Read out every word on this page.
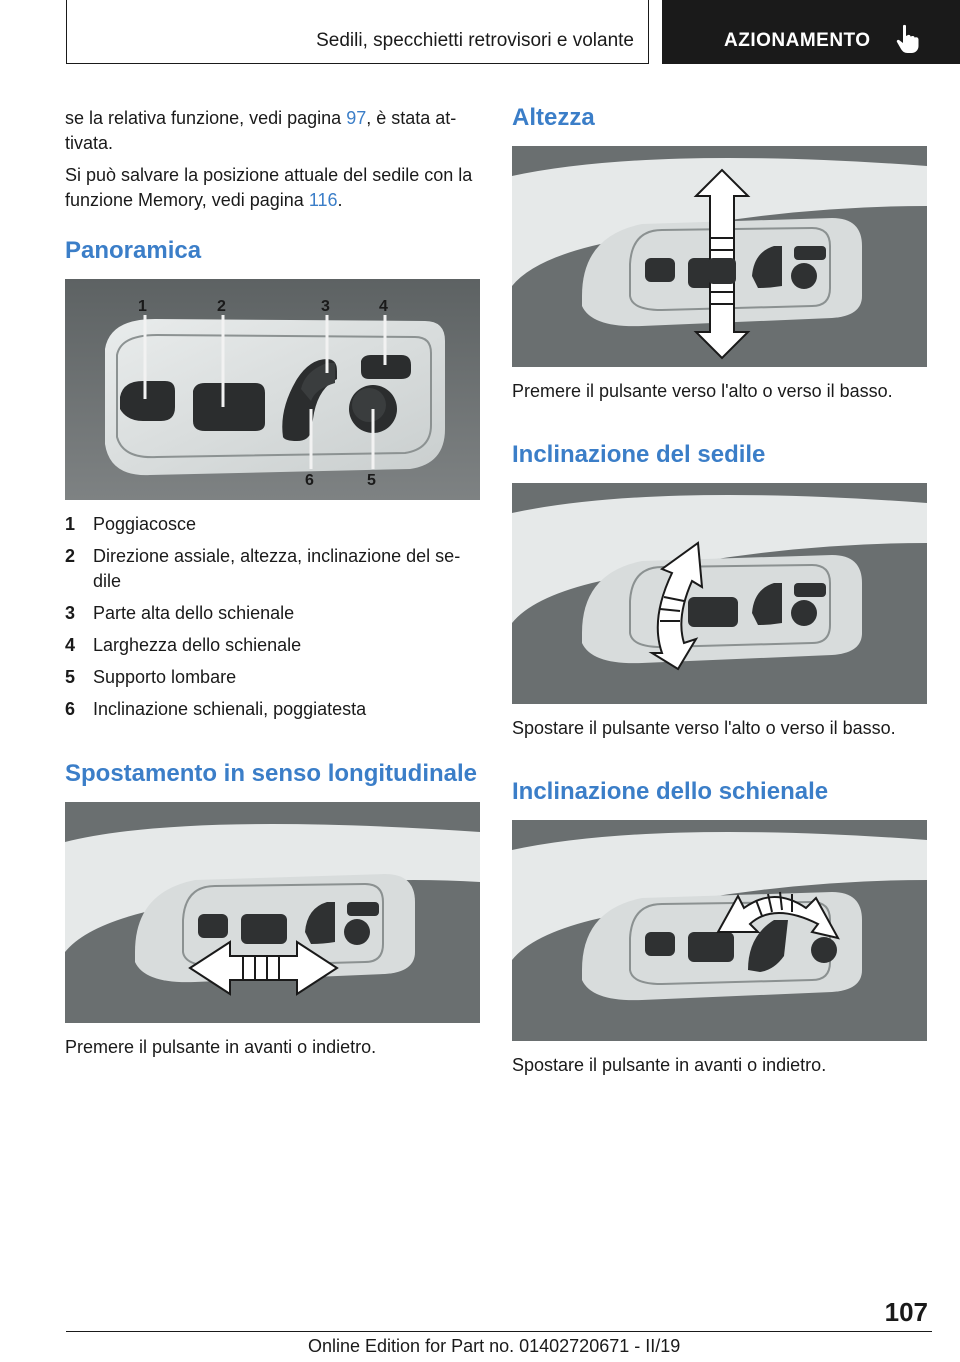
Sedili, specchietti retrovisori e volante	AZIONAMENTO

se la relativa funzione, vedi pagina 97, è stata attivata.

Si può salvare la posizione attuale del sedile con la funzione Memory, vedi pagina 116.

Panoramica
1	2	3	4
5
6
1 Poggiacosce
2 Direzione assiale, altezza, inclinazione del sedile
3 Parte alta dello schienale
4 Larghezza dello schienale
5 Supporto lombare
6 Inclinazione schienali, poggiatesta
Spostamento in senso longitudinale
Premere il pulsante in avanti o indietro.
Altezza
Premere il pulsante verso l'alto o verso il basso.
Inclinazione del sedile
Spostare il pulsante verso l'alto o verso il basso.
Inclinazione dello schienale
Spostare il pulsante in avanti o indietro.
107
Online Edition for Part no. 01402720671 - II/19
